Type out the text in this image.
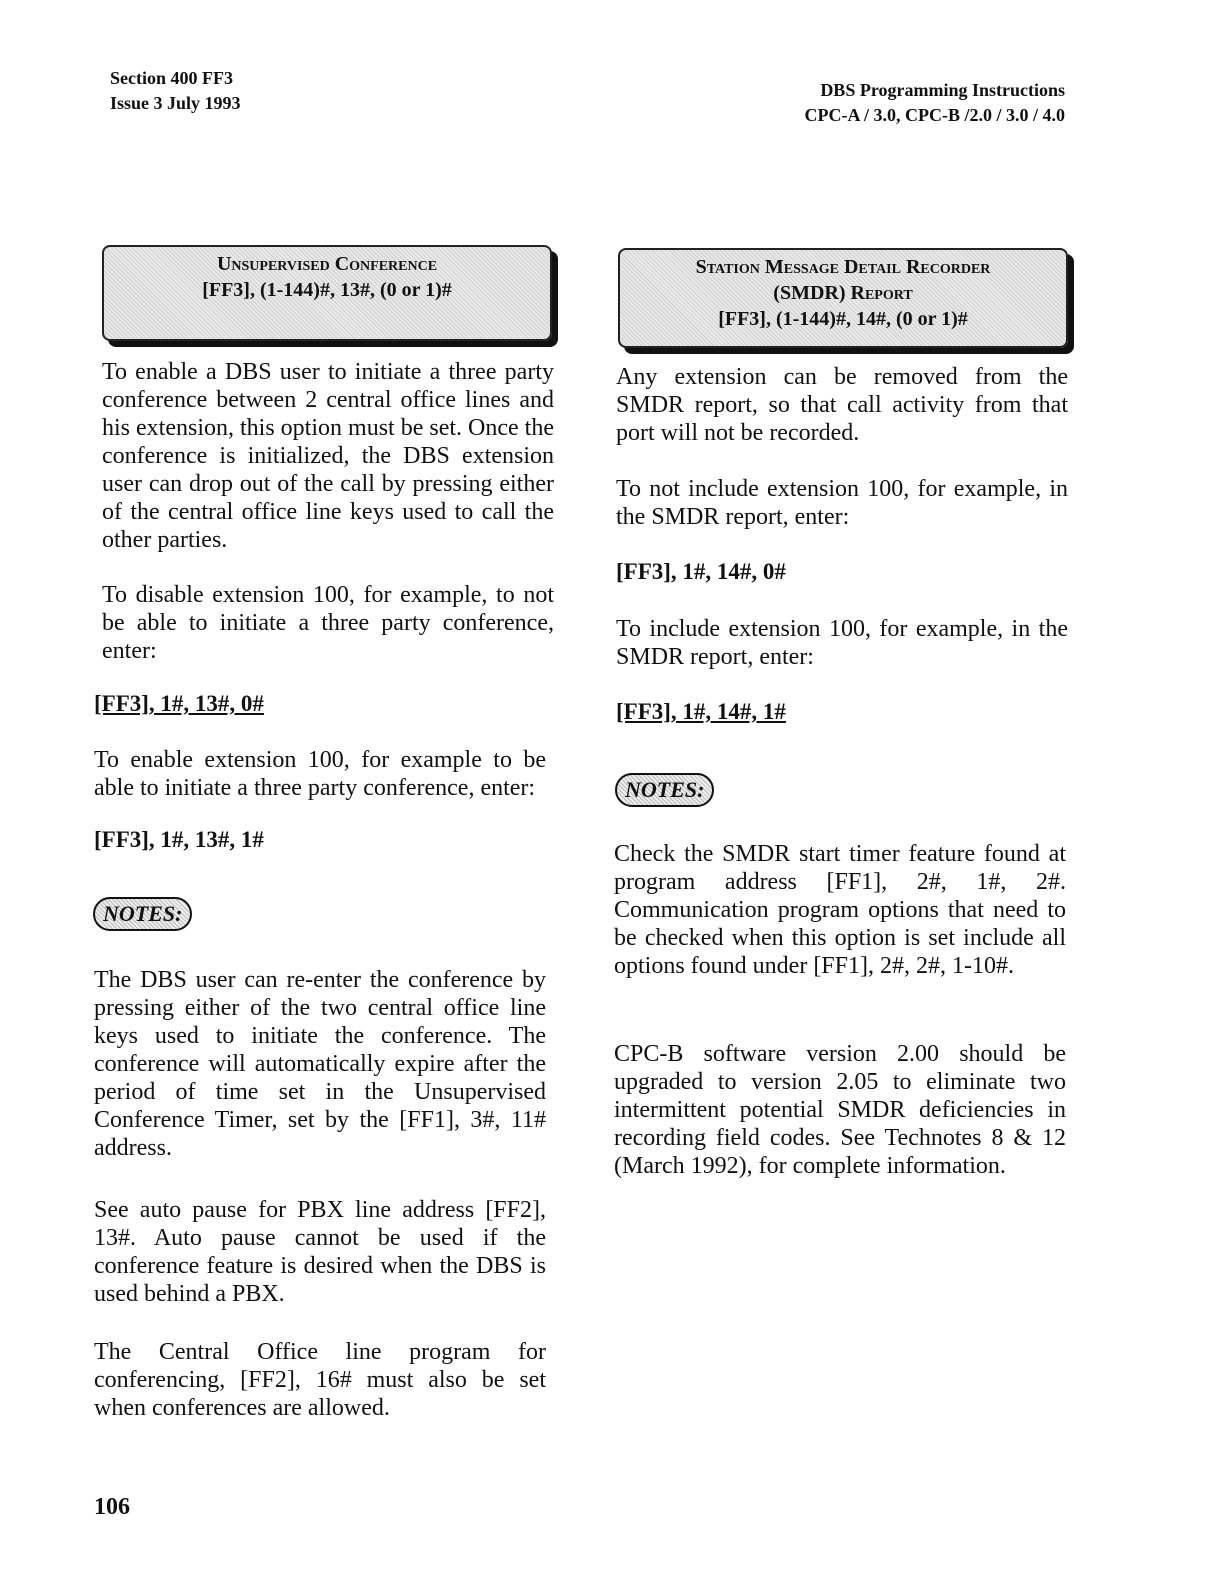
Section 400 FF3
Issue 3 July 1993
DBS Programming Instructions
CPC-A / 3.0, CPC-B /2.0 / 3.0 / 4.0
Unsupervised Conference
[FF3], (1-144)#, 13#, (0 or 1)#
To enable a DBS user to initiate a three party conference between 2 central office lines and his extension, this option must be set. Once the conference is initialized, the DBS extension user can drop out of the call by pressing either of the central office line keys used to call the other parties.
To disable extension 100, for example, to not be able to initiate a three party conference, enter:
[FF3], 1#, 13#, 0#
To enable extension 100, for example to be able to initiate a three party conference, enter:
[FF3], 1#, 13#, 1#
NOTES:
The DBS user can re-enter the conference by pressing either of the two central office line keys used to initiate the conference. The conference will automatically expire after the period of time set in the Unsupervised Conference Timer, set by the [FF1], 3#, 11# address.
See auto pause for PBX line address [FF2], 13#. Auto pause cannot be used if the conference feature is desired when the DBS is used behind a PBX.
The Central Office line program for conferencing, [FF2], 16# must also be set when conferences are allowed.
Station Message Detail Recorder
(SMDR) Report
[FF3], (1-144)#, 14#, (0 or 1)#
Any extension can be removed from the SMDR report, so that call activity from that port will not be recorded.
To not include extension 100, for example, in the SMDR report, enter:
[FF3], 1#, 14#, 0#
To include extension 100, for example, in the SMDR report, enter:
[FF3], 1#, 14#, 1#
NOTES:
Check the SMDR start timer feature found at program address [FF1], 2#, 1#, 2#. Communication program options that need to be checked when this option is set include all options found under [FF1], 2#, 2#, 1-10#.
CPC-B software version 2.00 should be upgraded to version 2.05 to eliminate two intermittent potential SMDR deficiencies in recording field codes. See Technotes 8 & 12 (March 1992), for complete information.
106
